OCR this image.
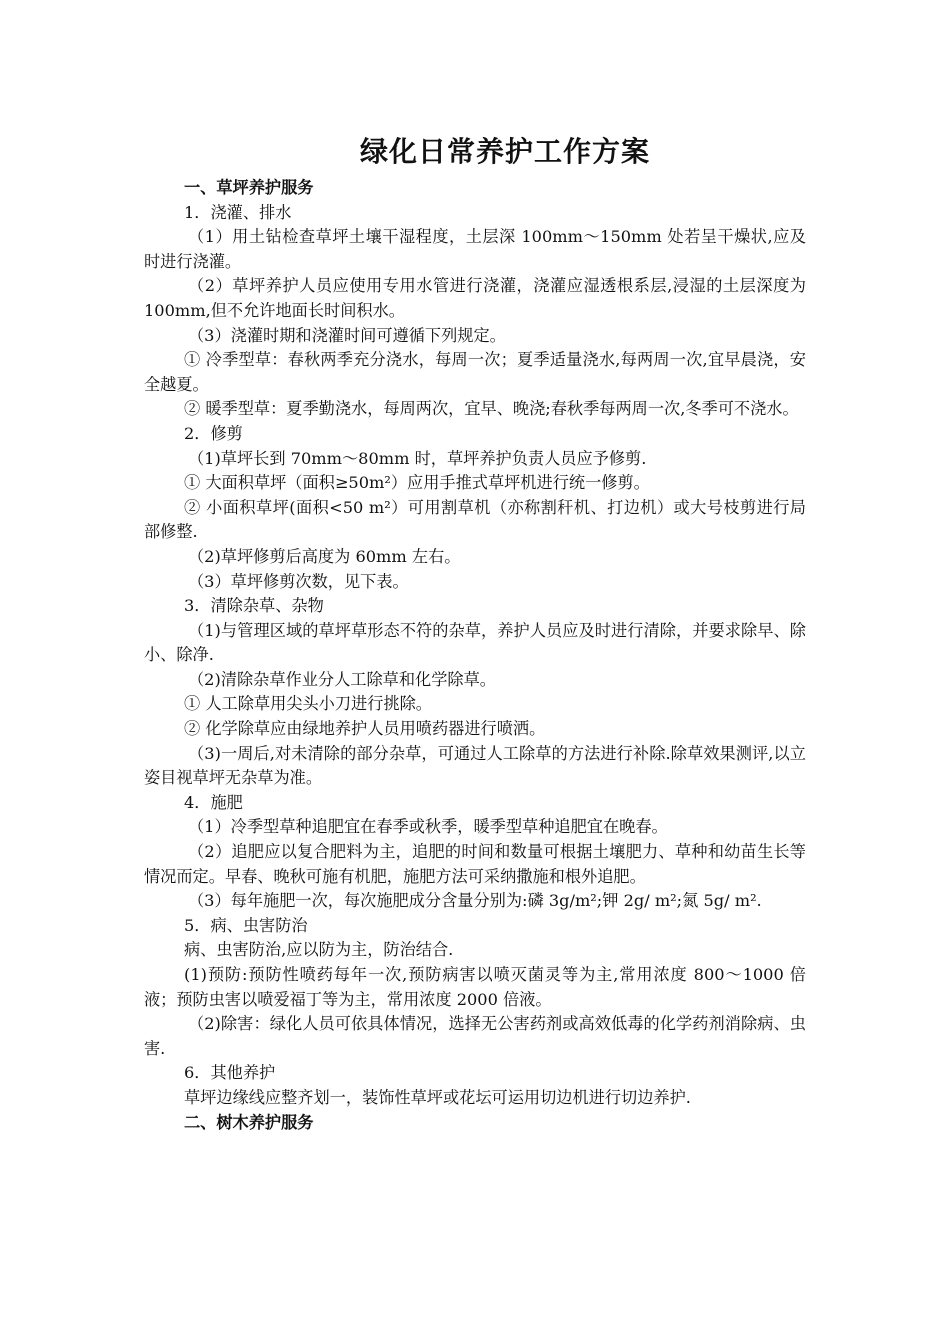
绿化日常养护工作方案

一、草坪养护服务

1．浇灌、排水

（1）用土钻检查草坪土壤干湿程度，土层深 100mm～150mm 处若呈干燥状,应及时进行浇灌。

（2）草坪养护人员应使用专用水管进行浇灌，浇灌应湿透根系层,浸湿的土层深度为 100mm,但不允许地面长时间积水。

（3）浇灌时期和浇灌时间可遵循下列规定。

① 冷季型草：春秋两季充分浇水，每周一次；夏季适量浇水,每两周一次,宜早晨浇，安全越夏。

② 暖季型草：夏季勤浇水，每周两次，宜早、晚浇;春秋季每两周一次,冬季可不浇水。

2．修剪

（1)草坪长到 70mm～80mm 时，草坪养护负责人员应予修剪.

① 大面积草坪（面积≥50m²）应用手推式草坪机进行统一修剪。

② 小面积草坪(面积<50 m²）可用割草机（亦称割秆机、打边机）或大号枝剪进行局部修整.

（2)草坪修剪后高度为 60mm 左右。

（3）草坪修剪次数，见下表。

3．清除杂草、杂物

（1)与管理区域的草坪草形态不符的杂草，养护人员应及时进行清除，并要求除早、除小、除净.

（2)清除杂草作业分人工除草和化学除草。

① 人工除草用尖头小刀进行挑除。

② 化学除草应由绿地养护人员用喷药器进行喷洒。

（3)一周后,对未清除的部分杂草，可通过人工除草的方法进行补除.除草效果测评,以立姿目视草坪无杂草为准。

4．施肥

（1）冷季型草种追肥宜在春季或秋季，暖季型草种追肥宜在晚春。

（2）追肥应以复合肥料为主，追肥的时间和数量可根据土壤肥力、草种和幼苗生长等情况而定。早春、晚秋可施有机肥，施肥方法可采纳撒施和根外追肥。

（3）每年施肥一次，每次施肥成分含量分别为:磷 3g/m²;钾 2g/ m²;氮 5g/ m².

5．病、虫害防治

病、虫害防治,应以防为主，防治结合.

(1)预防:预防性喷药每年一次,预防病害以喷灭菌灵等为主,常用浓度 800～1000 倍液；预防虫害以喷爱福丁等为主，常用浓度 2000 倍液。

（2)除害：绿化人员可依具体情况，选择无公害药剂或高效低毒的化学药剂消除病、虫害.

6．其他养护

草坪边缘线应整齐划一，装饰性草坪或花坛可运用切边机进行切边养护.

二、树木养护服务
